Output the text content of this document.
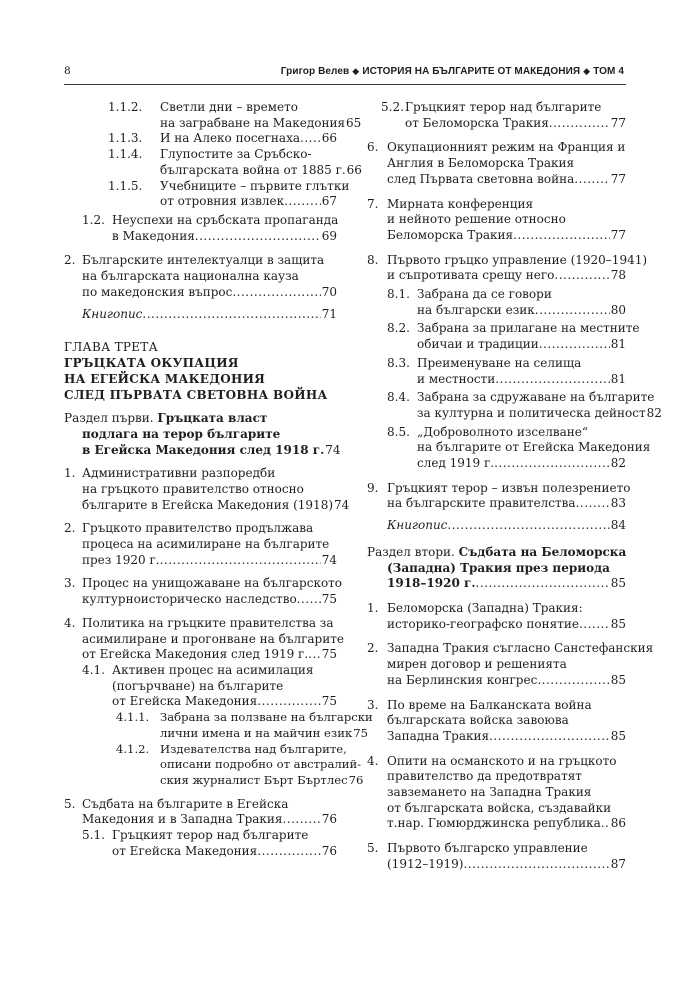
8	Григор Велев ◆ ИСТОРИЯ НА БЪЛГАРИТЕ ОТ МАКЕДОНИЯ ◆ ТОМ 4
1.1.2. Светли дни – времето
на заграбване на Македония 65
1.1.3. И на Алеко посегнаха ..... 66
1.1.4. Глупостите за Сръбско-
българската война от 1885 г. 66
1.1.5. Учебниците – първите глътки
от отровния извлек .....	67
1.2. Неуспехи на сръбската пропаганда
в Македония .....	69
2. Българските интелектуалци в защита
на българската национална кауза
по македонския въпрос .....	70
Книгопис .....	71
ГЛАВА ТРЕТА
ГРЪЦКАТА ОКУПАЦИЯ
НА ЕГЕЙСКА МАКЕДОНИЯ
СЛЕД ПЪРВАТА СВЕТОВНА ВОЙНА
Раздел първи. Гръцката власт
подлага на терор българите
в Егейска Македония след 1918 г. 74
1. Административни разпоредби
на гръцкото правителство относно
българите в Егейска Македония (1918) 74
2. Гръцкото правителство продължава
процеса на асимилиране на българите
през 1920 г. .....	74
3. Процес на унищожаване на българското
културноисторическо наследство ..... 75
4. Политика на гръцките правителства за
асимилиране и прогонване на българите
от Егейска Македония след 1919 г. ..... 75
4.1. Активен процес на асимилация
(погърчване) на българите
от Егейска Македония .....	75
4.1.1. Забрана за ползване на български
лични имена и на майчин език 75
4.1.2. Издевателства над българите,
описани подробно от австралий-
ския журналист Бърт Бъртлес 76
5. Съдбата на българите в Егейска
Македония и в Западна Тракия .....	76
5.1. Гръцкият терор над българите
от Егейска Македония .....	76
5.2. Гръцкият терор над българите
от Беломорска Тракия .....	77
6. Окупационният режим на Франция и
Англия в Беломорска Тракия
след Първата световна война .....	77
7. Мирната конференция
и нейното решение относно
Беломорска Тракия .....	77
8. Първото гръцко управление (1920–1941)
и съпротивата срещу него .....	78
8.1. Забрана да се говори
на български език .....	80
8.2. Забрана за прилагане на местните
обичаи и традиции .....	81
8.3. Преименуване на селища
и местности .....	81
8.4. Забрана за сдружаване на българите
за културна и политическа дейност 82
8.5. „Доброволното изселване“
на българите от Егейска Македония
след 1919 г. .....	82
9. Гръцкият терор – извън полезрението
на българските правителства .....	83
Книгопис .....	84
Раздел втори. Съдбата на Беломорска
(Западна) Тракия през периода
1918–1920 г. .....	85
1. Беломорска (Западна) Тракия:
историко-географско понятие .....	85
2. Западна Тракия съгласно Санстефанския
мирен договор и решенията
на Берлинския конгрес .....	85
3. По време на Балканската война
българската войска завоюва
Западна Тракия .....	85
4. Опити на османското и на гръцкото
правителство да предотвратят
завземането на Западна Тракия
от българската войска, създавайки
т.нар. Гюмюрджинска република ..... 86
5. Първото българско управление
(1912–1919) .....	87
